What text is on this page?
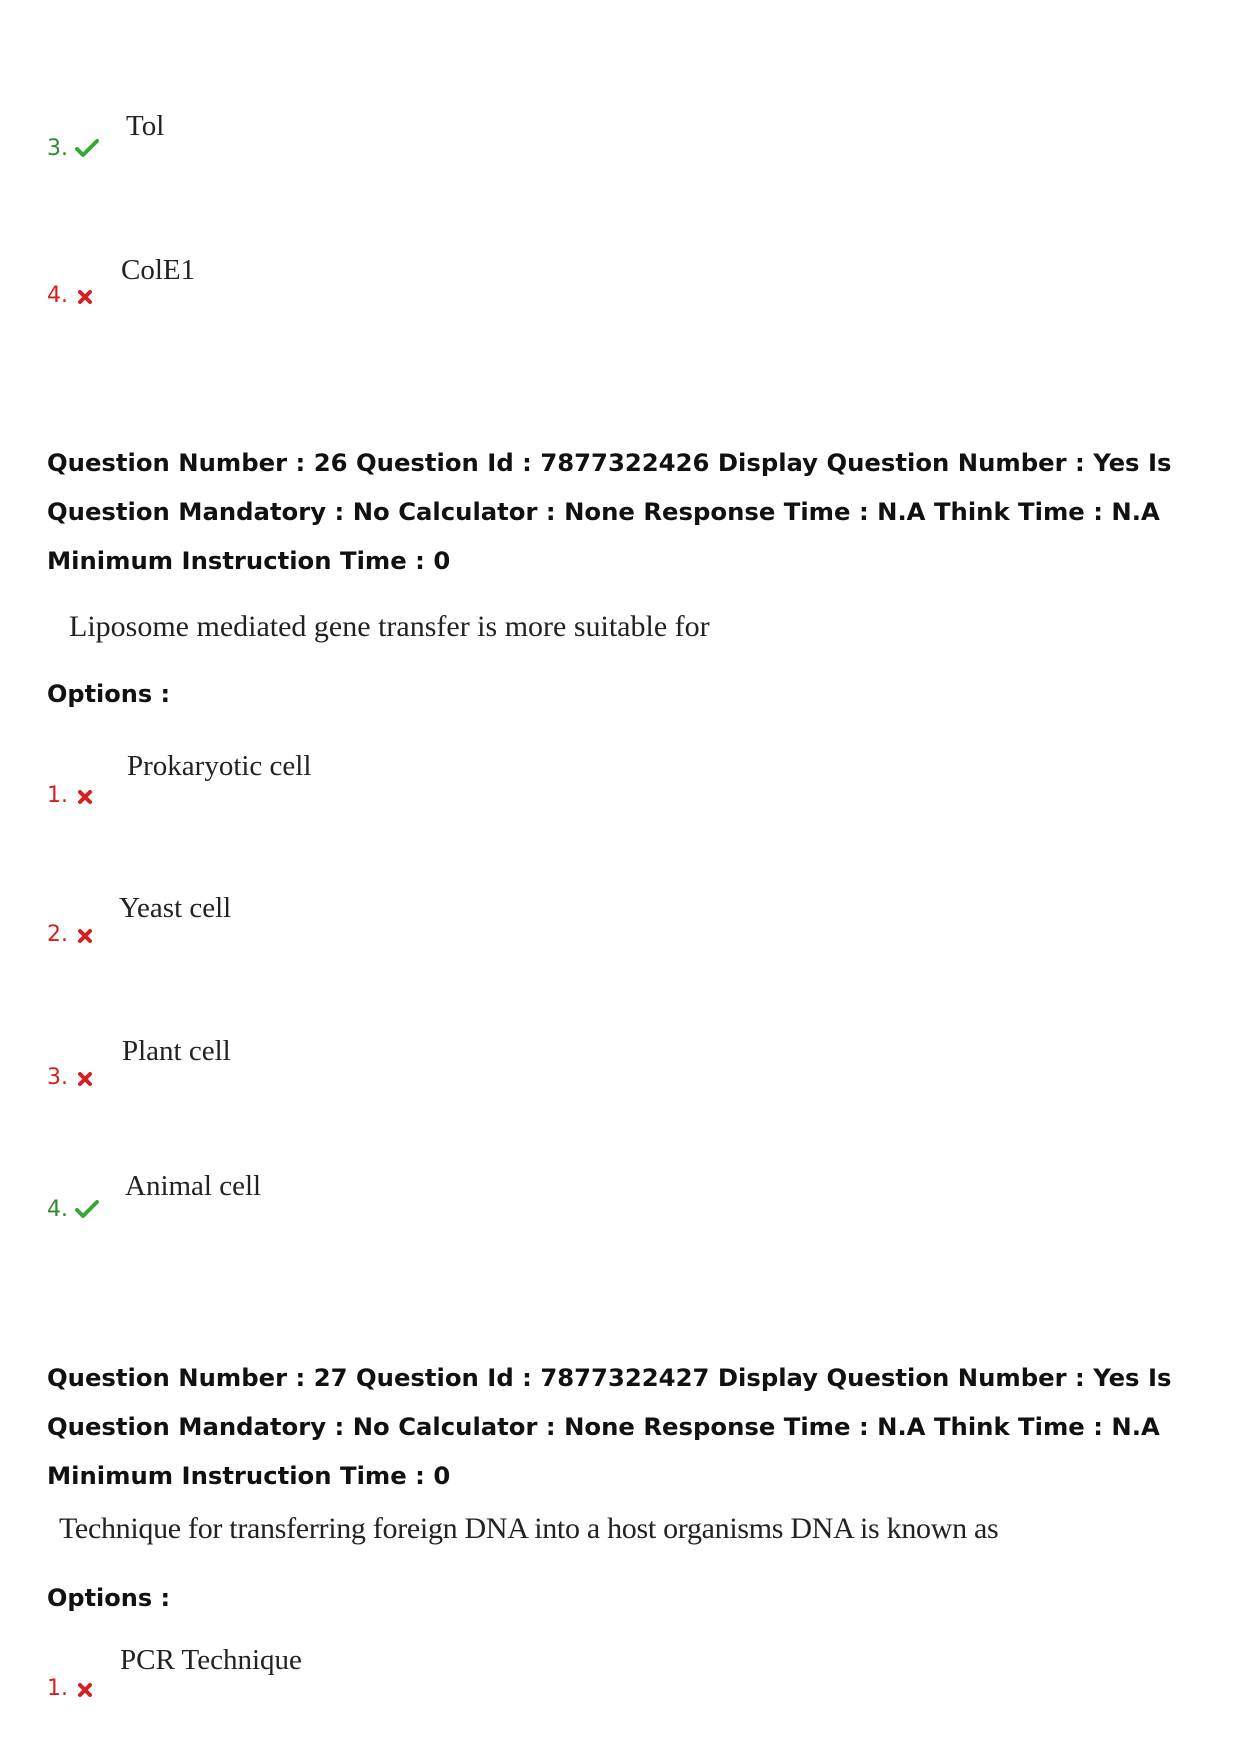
3.
Tol
4.
ColE1
Question Number : 26 Question Id : 7877322426 Display Question Number : Yes Is Question Mandatory : No Calculator : None Response Time : N.A Think Time : N.A Minimum Instruction Time : 0
Liposome mediated gene transfer is more suitable for
Options :
1.
Prokaryotic cell
2.
Yeast cell
3.
Plant cell
4.
Animal cell
Question Number : 27 Question Id : 7877322427 Display Question Number : Yes Is Question Mandatory : No Calculator : None Response Time : N.A Think Time : N.A Minimum Instruction Time : 0
Technique for transferring foreign DNA into a host organisms DNA is known as
Options :
1.
PCR Technique
